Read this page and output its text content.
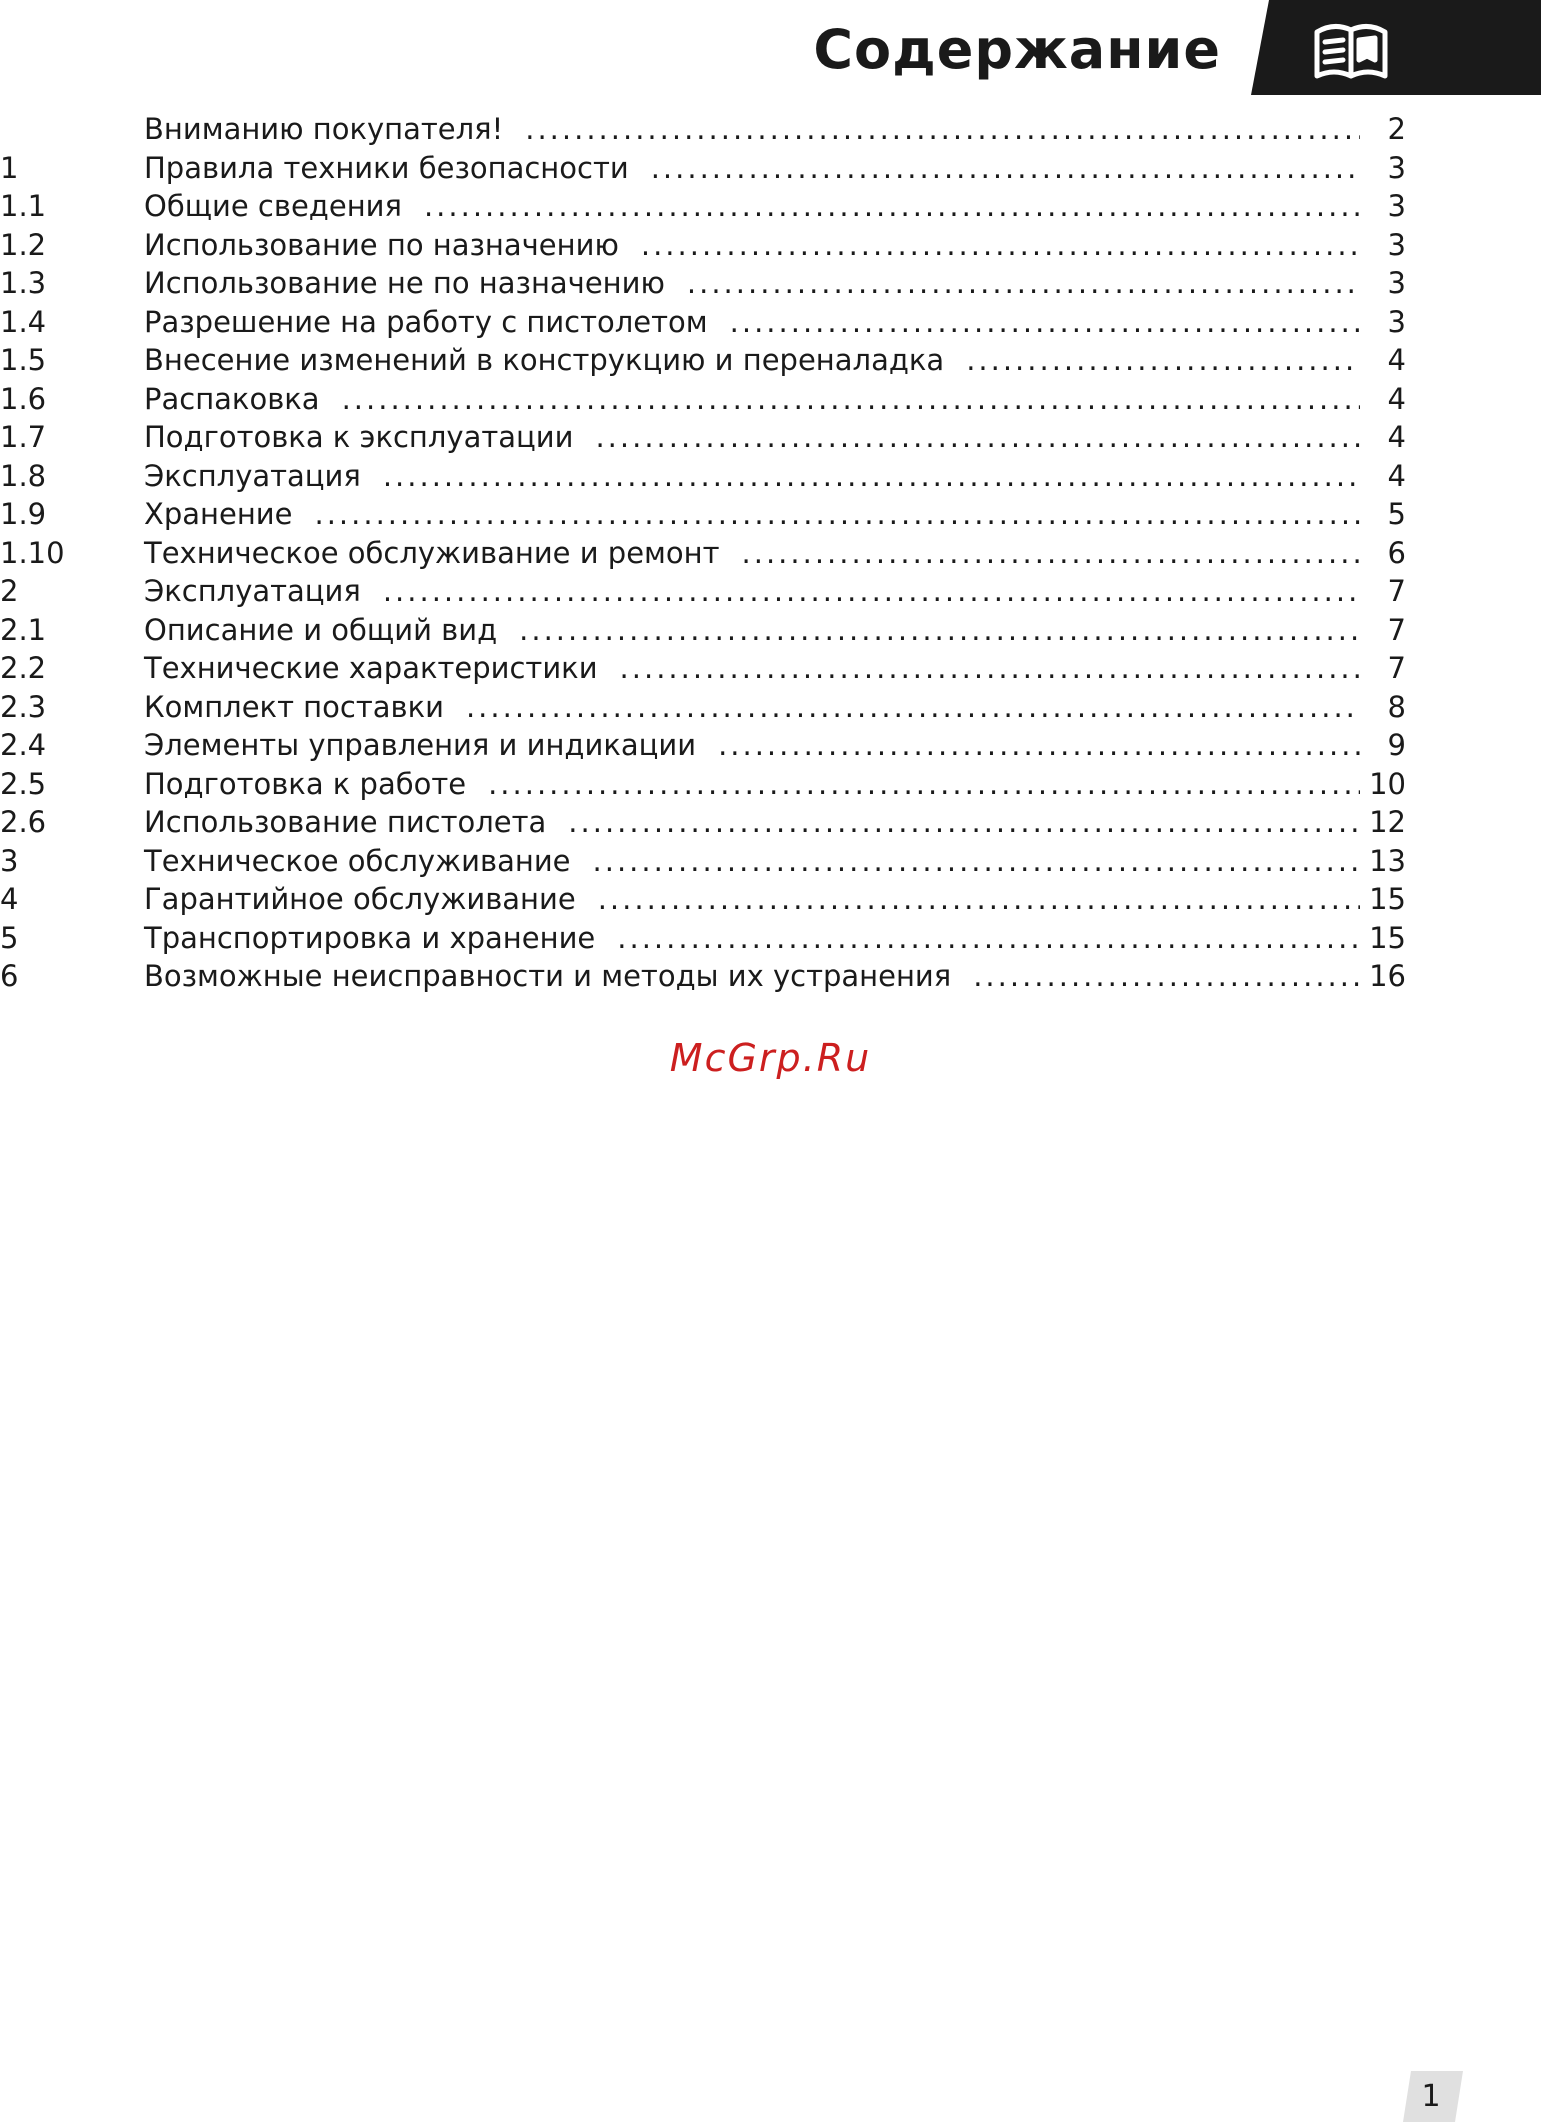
Содержание
Вниманию покупателя! .....	2
1	Правила техники безопасности .....	3
1.1	Общие сведения .....	3
1.2	Использование по назначению .....	3
1.3	Использование не по назначению .....	3
1.4	Разрешение на работу с пистолетом .....	3
1.5	Внесение изменений в конструкцию и переналадка .....	4
1.6	Распаковка .....	4
1.7	Подготовка к эксплуатации .....	4
1.8	Эксплуатация .....	4
1.9	Хранение .....	5
1.10	Техническое обслуживание и ремонт .....	6
2	Эксплуатация .....	7
2.1	Описание и общий вид .....	7
2.2	Технические характеристики .....	7
2.3	Комплект поставки .....	8
2.4	Элементы управления и индикации .....	9
2.5	Подготовка к работе .....	10
2.6	Использование пистолета .....	12
3	Техническое обслуживание .....	13
4	Гарантийное обслуживание .....	15
5	Транспортировка и хранение .....	15
6	Возможные неисправности и методы их устранения .....	16
McGrp.Ru
1
